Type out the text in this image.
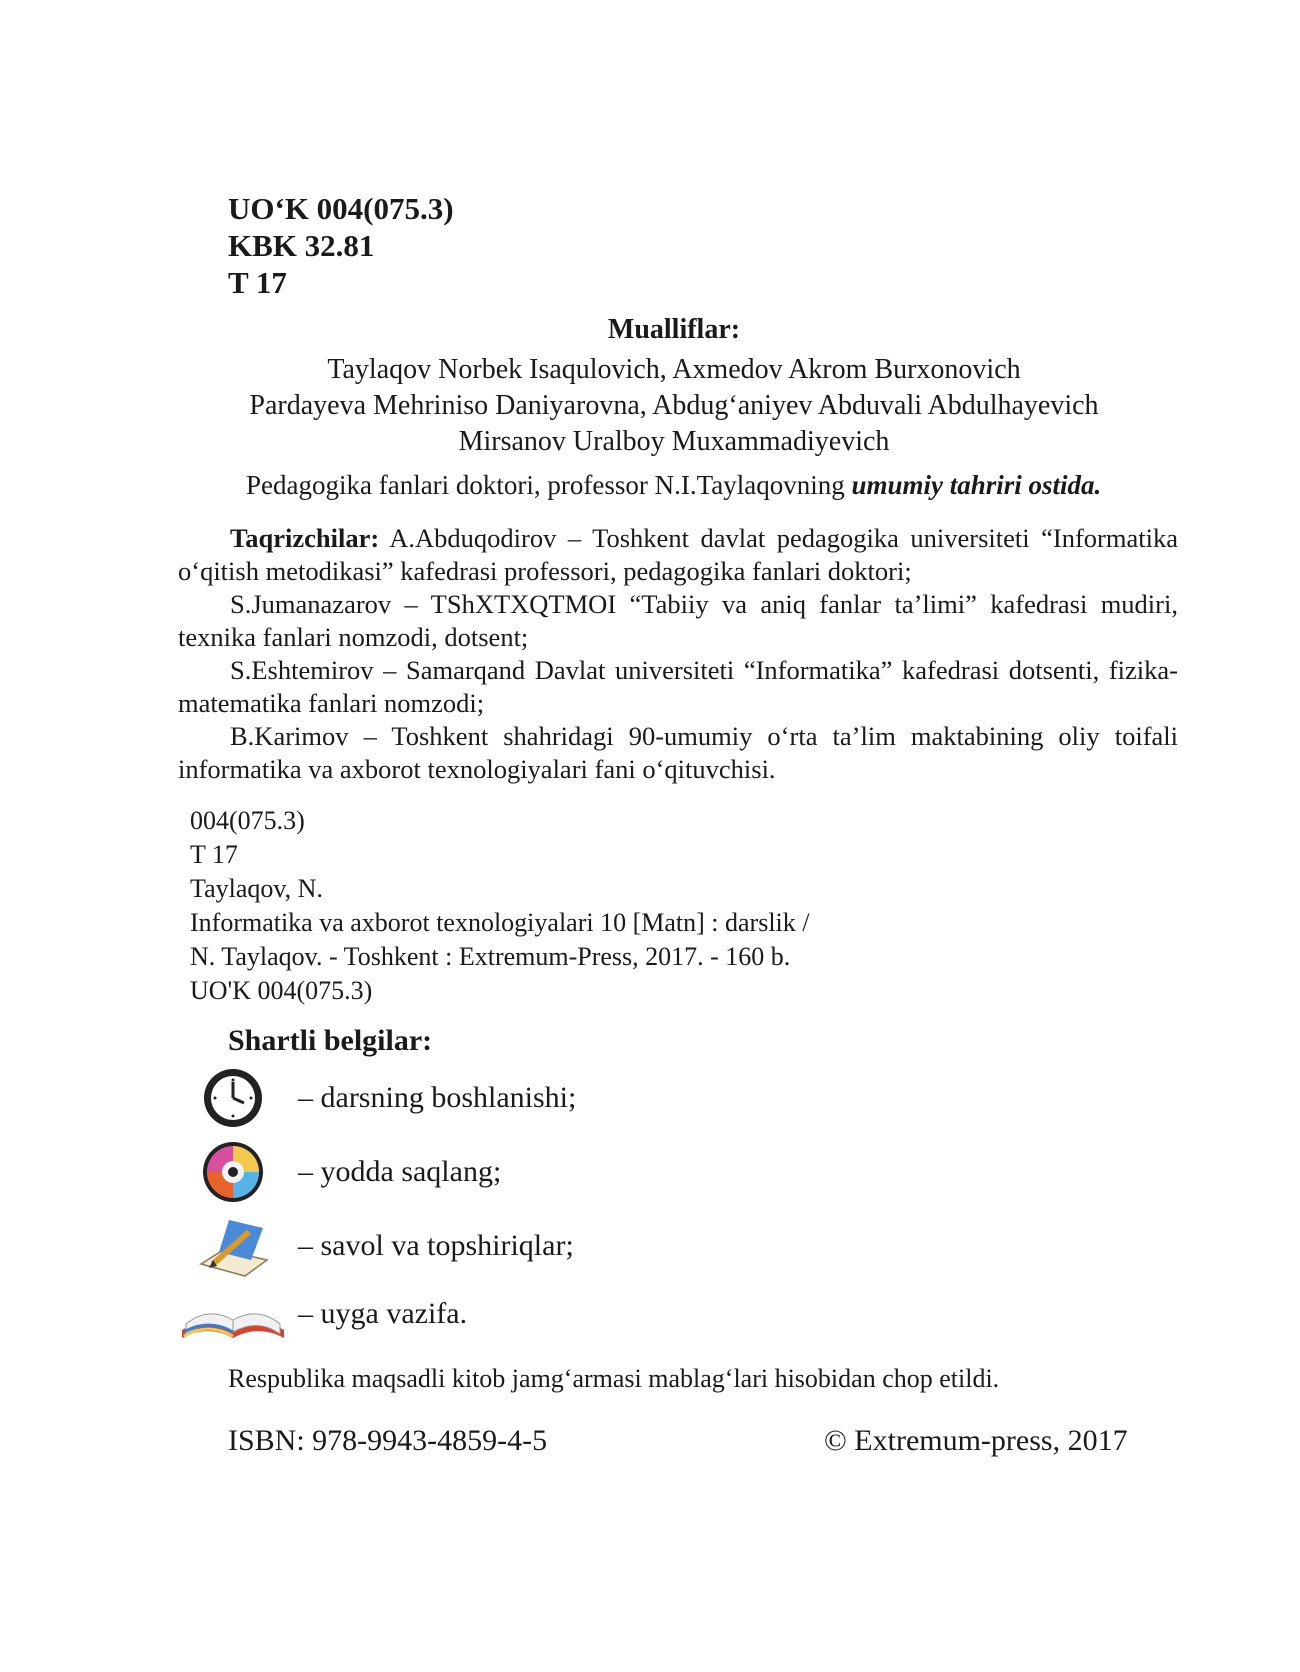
UO‘K 004(075.3)
KBK 32.81
T 17
Mualliflar:
Taylaqov Norbek Isaqulovich, Axmedov Akrom Burxonovich
Pardayeva Mehriniso Daniyarovna, Abdug‘aniyev Abduvali Abdulhayevich
Mirsanov Uralboy Muxammadiyevich
Pedagogika fanlari doktori, professor N.I.Taylaqovning umumiy tahriri ostida.

Taqrizchilar: A.Abduqodirov – Toshkent davlat pedagogika universiteti “Informatika o‘qitish metodikasi” kafedrasi professori, pedagogika fanlari doktori;

S.Jumanazarov – TShXTXQTMOI “Tabiiy va aniq fanlar ta’limi” kafedrasi mudiri, texnika fanlari nomzodi, dotsent;

S.Eshtemirov – Samarqand Davlat universiteti “Informatika” kafedrasi dotsenti, fizika-matematika fanlari nomzodi;

B.Karimov – Toshkent shahridagi 90-umumiy o‘rta ta’lim maktabining oliy toifali informatika va axborot texnologiyalari fani o‘qituvchisi.

004(075.3)
T 17
Taylaqov, N.
Informatika va axborot texnologiyalari 10 [Matn] : darslik /
N. Taylaqov. - Toshkent : Extremum-Press, 2017. - 160 b.
UO'K 004(075.3)
Shartli belgilar:
– darsning boshlanishi;
– yodda saqlang;
– savol va topshiriqlar;
– uyga vazifa.
Respublika maqsadli kitob jamg‘armasi mablag‘lari hisobidan chop etildi.
ISBN: 978-9943-4859-4-5	© Extremum-press, 2017
